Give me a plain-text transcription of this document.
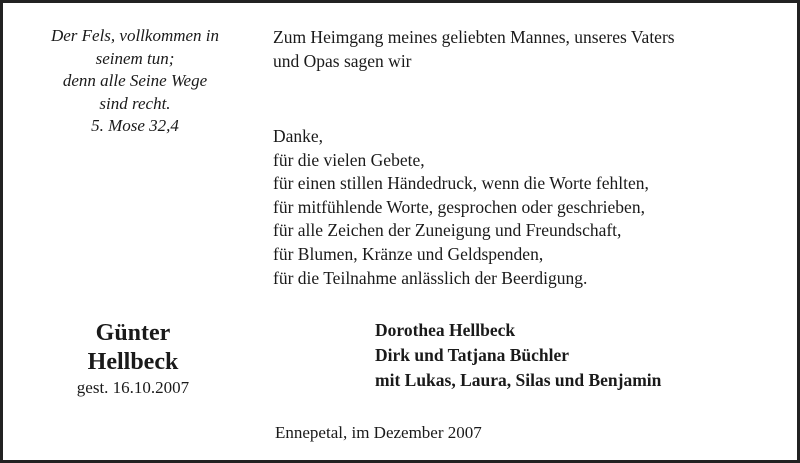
Der Fels, vollkommen in
seinem tun;
denn alle Seine Wege
sind recht.
5. Mose 32,4
Zum Heimgang meines geliebten Mannes, unseres Vaters
und Opas sagen wir
Danke,
für die vielen Gebete,
für einen stillen Händedruck, wenn die Worte fehlten,
für mitfühlende Worte, gesprochen oder geschrieben,
für alle Zeichen der Zuneigung und Freundschaft,
für Blumen, Kränze und Geldspenden,
für die Teilnahme anlässlich der Beerdigung.
Günter
Hellbeck
gest. 16.10.2007
Dorothea Hellbeck
Dirk und Tatjana Büchler
mit Lukas, Laura, Silas und Benjamin
Ennepetal, im Dezember 2007
